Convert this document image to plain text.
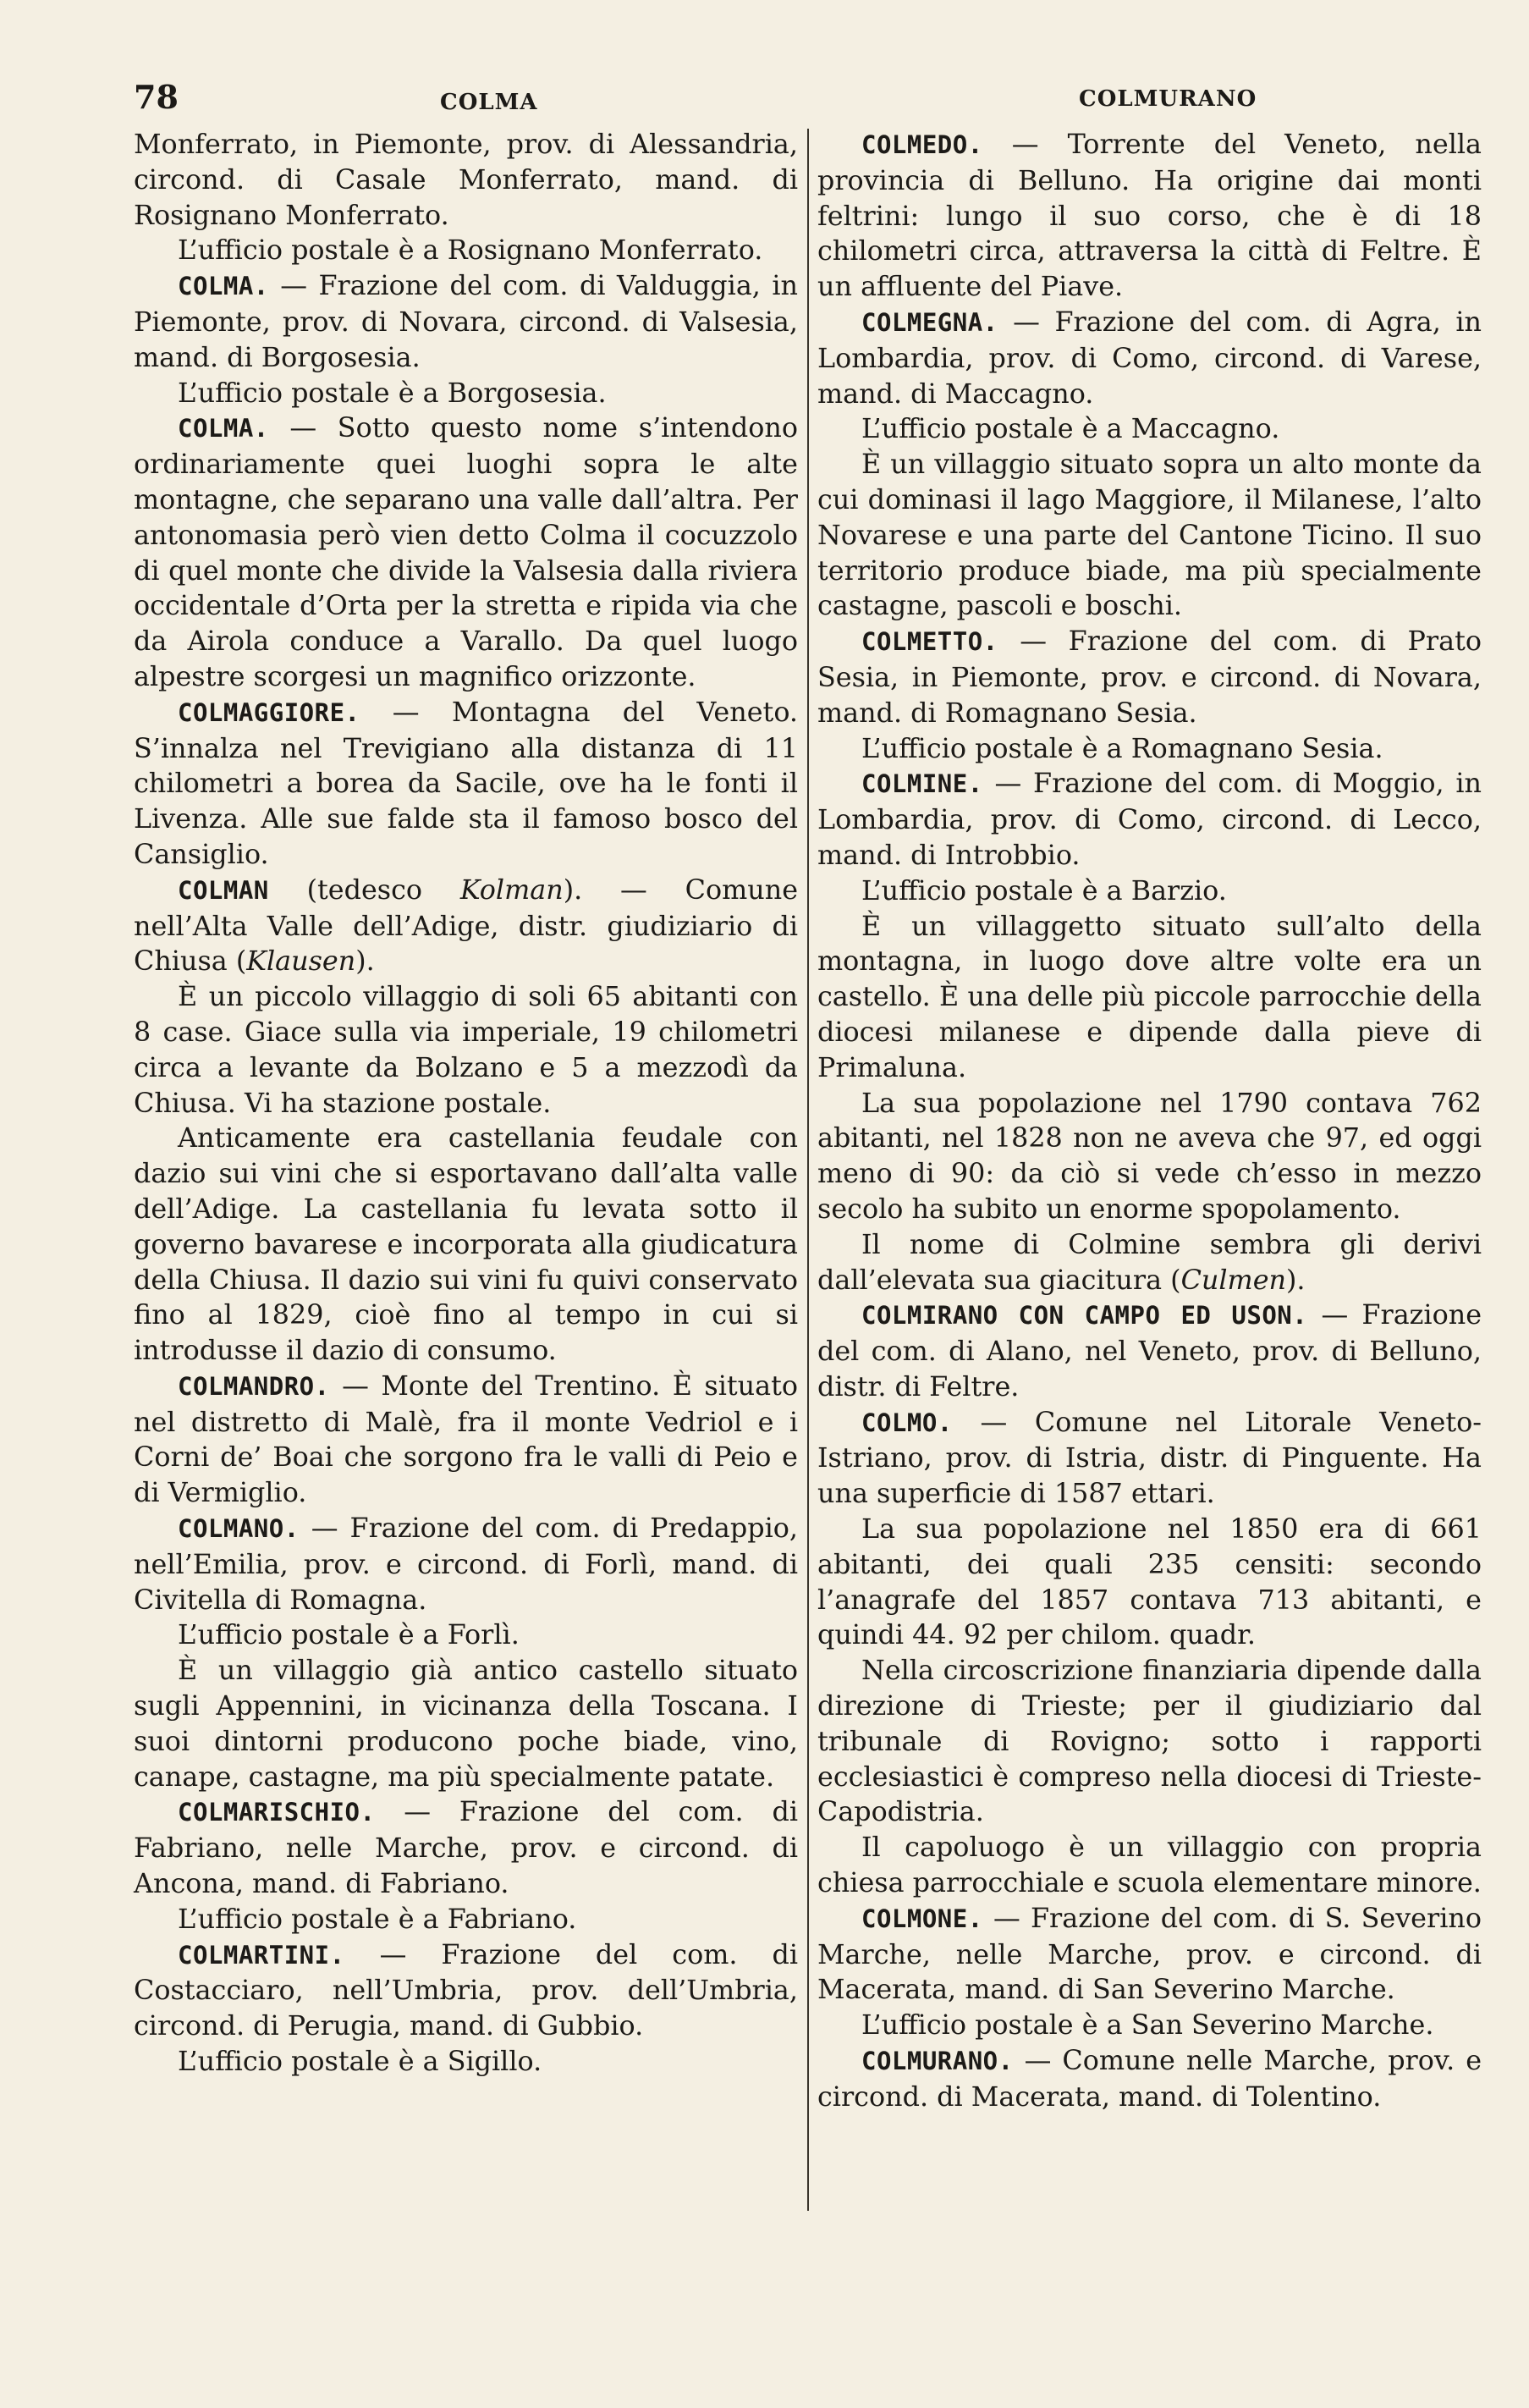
78	COLMA	COLMURANO

Monferrato, in Piemonte, prov. di Alessandria, circond. di Casale Monferrato, mand. di Rosignano Monferrato.

L’ufficio postale è a Rosignano Monferrato.

COLMA. — Frazione del com. di Valduggia, in Piemonte, prov. di Novara, circond. di Valsesia, mand. di Borgosesia.

L’ufficio postale è a Borgosesia.

COLMA. — Sotto questo nome s’intendono ordinariamente quei luoghi sopra le alte montagne, che separano una valle dall’altra. Per antonomasia però vien detto Colma il cocuzzolo di quel monte che divide la Valsesia dalla riviera occidentale d’Orta per la stretta e ripida via che da Airola conduce a Varallo. Da quel luogo alpestre scorgesi un magnifico orizzonte.

COLMAGGIORE. — Montagna del Veneto. S’innalza nel Trevigiano alla distanza di 11 chilometri a borea da Sacile, ove ha le fonti il Livenza. Alle sue falde sta il famoso bosco del Cansiglio.

COLMAN (tedesco Kolman). — Comune nell’Alta Valle dell’Adige, distr. giudiziario di Chiusa (Klausen).

È un piccolo villaggio di soli 65 abitanti con 8 case. Giace sulla via imperiale, 19 chilometri circa a levante da Bolzano e 5 a mezzodì da Chiusa. Vi ha stazione postale.

Anticamente era castellania feudale con dazio sui vini che si esportavano dall’alta valle dell’Adige. La castellania fu levata sotto il governo bavarese e incorporata alla giudicatura della Chiusa. Il dazio sui vini fu quivi conservato fino al 1829, cioè fino al tempo in cui si introdusse il dazio di consumo.

COLMANDRO. — Monte del Trentino. È situato nel distretto di Malè, fra il monte Vedriol e i Corni de’ Boai che sorgono fra le valli di Peio e di Vermiglio.

COLMANO. — Frazione del com. di Predappio, nell’Emilia, prov. e circond. di Forlì, mand. di Civitella di Romagna.

L’ufficio postale è a Forlì.

È un villaggio già antico castello situato sugli Appennini, in vicinanza della Toscana. I suoi dintorni producono poche biade, vino, canape, castagne, ma più specialmente patate.

COLMARISCHIO. — Frazione del com. di Fabriano, nelle Marche, prov. e circond. di Ancona, mand. di Fabriano.

L’ufficio postale è a Fabriano.

COLMARTINI. — Frazione del com. di Costacciaro, nell’Umbria, prov. dell’Umbria, circond. di Perugia, mand. di Gubbio.

L’ufficio postale è a Sigillo.

COLMEDO. — Torrente del Veneto, nella provincia di Belluno. Ha origine dai monti feltrini: lungo il suo corso, che è di 18 chilometri circa, attraversa la città di Feltre. È un affluente del Piave.

COLMEGNA. — Frazione del com. di Agra, in Lombardia, prov. di Como, circond. di Varese, mand. di Maccagno.

L’ufficio postale è a Maccagno.

È un villaggio situato sopra un alto monte da cui dominasi il lago Maggiore, il Milanese, l’alto Novarese e una parte del Cantone Ticino. Il suo territorio produce biade, ma più specialmente castagne, pascoli e boschi.

COLMETTO. — Frazione del com. di Prato Sesia, in Piemonte, prov. e circond. di Novara, mand. di Romagnano Sesia.

L’ufficio postale è a Romagnano Sesia.

COLMINE. — Frazione del com. di Moggio, in Lombardia, prov. di Como, circond. di Lecco, mand. di Introbbio.

L’ufficio postale è a Barzio.

È un villaggetto situato sull’alto della montagna, in luogo dove altre volte era un castello. È una delle più piccole parrocchie della diocesi milanese e dipende dalla pieve di Primaluna.

La sua popolazione nel 1790 contava 762 abitanti, nel 1828 non ne aveva che 97, ed oggi meno di 90: da ciò si vede ch’esso in mezzo secolo ha subito un enorme spopolamento.

Il nome di Colmine sembra gli derivi dall’elevata sua giacitura (Culmen).

COLMIRANO CON CAMPO ED USON. — Frazione del com. di Alano, nel Veneto, prov. di Belluno, distr. di Feltre.

COLMO. — Comune nel Litorale Veneto-Istriano, prov. di Istria, distr. di Pinguente. Ha una superficie di 1587 ettari.

La sua popolazione nel 1850 era di 661 abitanti, dei quali 235 censiti: secondo l’anagrafe del 1857 contava 713 abitanti, e quindi 44. 92 per chilom. quadr.

Nella circoscrizione finanziaria dipende dalla direzione di Trieste; per il giudiziario dal tribunale di Rovigno; sotto i rapporti ecclesiastici è compreso nella diocesi di Trieste-Capodistria.

Il capoluogo è un villaggio con propria chiesa parrocchiale e scuola elementare minore.

COLMONE. — Frazione del com. di S. Severino Marche, nelle Marche, prov. e circond. di Macerata, mand. di San Severino Marche.

L’ufficio postale è a San Severino Marche.

COLMURANO. — Comune nelle Marche, prov. e circond. di Macerata, mand. di Tolentino.
